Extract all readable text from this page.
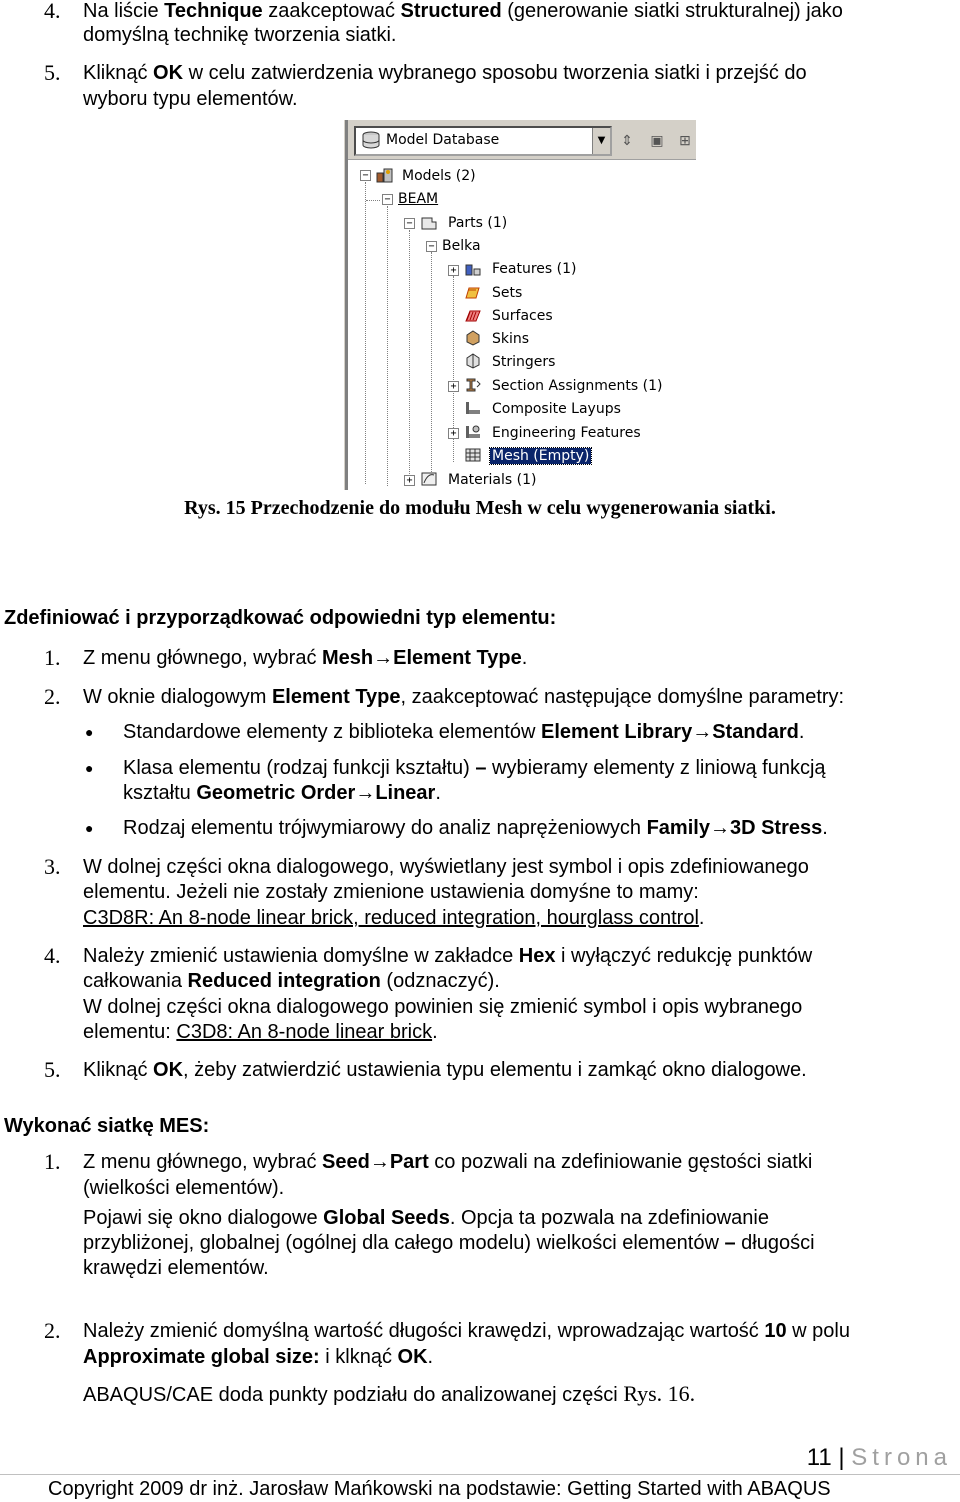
4. Na liście Technique zaakceptować Structured (generowanie siatki strukturalnej) jako
domyślną technikę tworzenia siatki.
5. Kliknąć OK w celu zatwierdzenia wybranego sposobu tworzenia siatki i przejść do
wyboru typu elementów.
Model Database	▼	⇕	▣	⊞
− Models (2)
− BEAM
−	Parts (1)
− Belka
+	Features (1)
Sets
Surfaces
Skins
Stringers
+	Section Assignments (1)
Composite Layups
+	Engineering Features
Mesh (Empty)
+	Materials (1)
Rys. 15 Przechodzenie do modułu Mesh w celu wygenerowania siatki.
Zdefiniować i przyporządkować odpowiedni typ elementu:
1. Z menu głównego, wybrać Mesh→Element Type.
2. W oknie dialogowym Element Type, zaakceptować następujące domyślne parametry:
● Standardowe elementy z biblioteka elementów Element Library→Standard.
● Klasa elementu (rodzaj funkcji kształtu) – wybieramy elementy z liniową funkcją
kształtu Geometric Order→Linear.
● Rodzaj elementu trójwymiarowy do analiz naprężeniowych Family→3D Stress.
3. W dolnej części okna dialogowego, wyświetlany jest symbol i opis zdefiniowanego
elementu. Jeżeli nie zostały zmienione ustawienia domyśne to mamy:
C3D8R: An 8-node linear brick, reduced integration, hourglass control.
4. Należy zmienić ustawienia domyślne w zakładce Hex i wyłączyć redukcję punktów
całkowania Reduced integration (odznaczyć).
W dolnej części okna dialogowego powinien się zmienić symbol i opis wybranego
elementu: C3D8: An 8-node linear brick.
5. Kliknąć OK, żeby zatwierdzić ustawienia typu elementu i zamkąć okno dialogowe.
Wykonać siatkę MES:
1. Z menu głównego, wybrać Seed→Part co pozwali na zdefiniowanie gęstości siatki
(wielkości elementów).
Pojawi się okno dialogowe Global Seeds. Opcja ta pozwala na zdefiniowanie
przybliżonej, globalnej (ogólnej dla całego modelu) wielkości elementów – długości
krawędzi elementów.
2. Należy zmienić domyślną wartość długości krawędzi, wprowadzając wartość 10 w polu
Approximate global size: i klknąć OK.
ABAQUS/CAE doda punkty podziału do analizowanej części Rys. 16.
11 | Strona
Copyright 2009 dr inż. Jarosław Mańkowski na podstawie: Getting Started with ABAQUS
